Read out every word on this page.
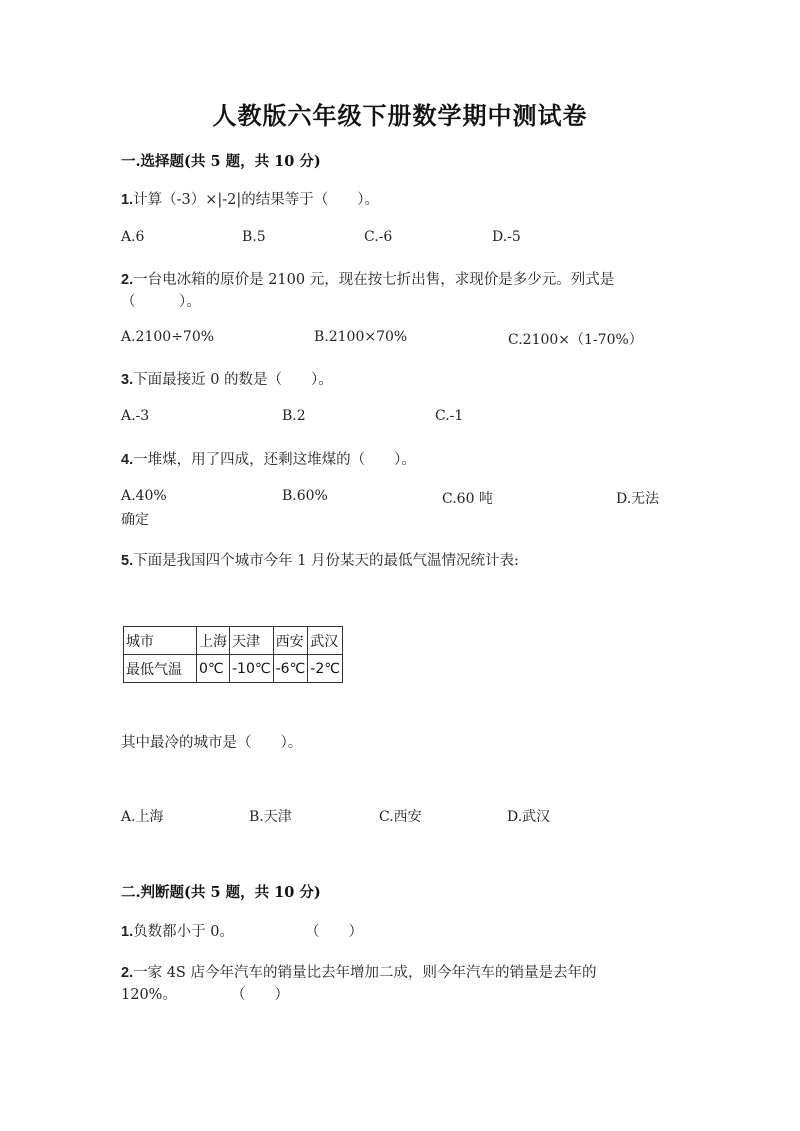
人教版六年级下册数学期中测试卷
一.选择题(共 5 题，共 10 分)
1.计算（-3）×|-2|的结果等于（　　）。
A.6	B.5	C.-6	D.-5
2.一台电冰箱的原价是 2100 元，现在按七折出售，求现价是多少元。列式是
（　　　）。
A.2100÷70%	B.2100×70%	C.2100×（1-70%）
3.下面最接近 0 的数是（　　）。
A.-3	B.2	C.-1
4.一堆煤，用了四成，还剩这堆煤的（　　）。
A.40%	B.60%	C.60 吨	D.无法
确定
5.下面是我国四个城市今年 1 月份某天的最低气温情况统计表:
城市	上海	天津	西安	武汉
最低气温	0℃	-10℃	-6℃	-2℃
其中最冷的城市是（　　）。
A.上海	B.天津	C.西安	D.武汉
二.判断题(共 5 题，共 10 分)
1.负数都小于 0。	（　　）
2.一家 4S 店今年汽车的销量比去年增加二成，则今年汽车的销量是去年的
120%。	（　　）
